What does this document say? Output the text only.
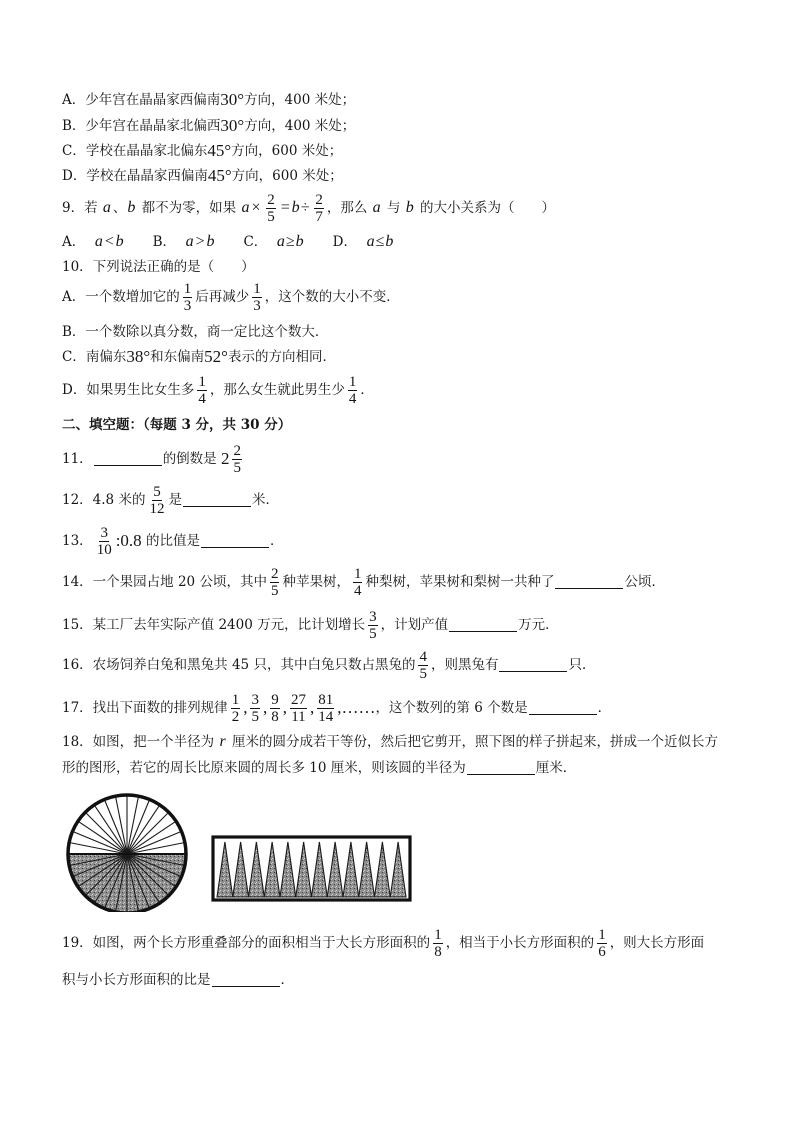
A．少年宫在晶晶家西偏南 30° 方向，400 米处；
B．少年宫在晶晶家北偏西 30° 方向，400 米处；
C．学校在晶晶家北偏东 45° 方向，600 米处；
D．学校在晶晶家西偏南 45° 方向，600 米处；
9．若 a 、 b 都不为零，如果 $a\times \frac{2}{5} =b\div \frac{2}{7}$ ，那么 a 与 b 的大小关系为（　　）
A． a<b 　　B． a>b 　　C． a≥b 　　D． a≤b
10．下列说法正确的是（　　）
A．一个数增加它的 $\frac{1}{3}$ 后再减少 $\frac{1}{3}$ ，这个数的大小不变．
B．一个数除以真分数，商一定比这个数大．
C．南偏东 38° 和东偏南 52° 表示的方向相同．
D．如果男生比女生多 $\frac{1}{4}$ ，那么女生就此男生少 $\frac{1}{4}$ ．
二、填空题：（每题 3 分，共 30 分）
11．	的倒数是 $2 \frac{2}{5}$
12．4.8 米的 $\frac{5}{12}$ 是	米．
13． $\frac{3}{10}$ :0.8 的比值是	．
14．一个果园占地 20 公顷，其中 $\frac{2}{5}$ 种苹果树， $\frac{1}{4}$ 种梨树，苹果树和梨树一共种了	公顷．
15．某工厂去年实际产值 2400 万元，比计划增长 $\frac{3}{5}$ ，计划产值	万元．
16．农场饲养白兔和黑兔共 45 只，其中白兔只数占黑兔的 $\frac{4}{5}$ ，则黑兔有	只．
17．找出下面数的排列规律 $\frac{1}{2}$ , $\frac{3}{5}$ , $\frac{9}{8}$ , $\frac{27}{11}$ , $\frac{81}{14}$ ,…… ，这个数列的第 6 个数是	．
18．如图，把一个半径为 r 厘米的圆分成若干等份，然后把它剪开，照下图的样子拼起来，拼成一个近似长方
形的图形，若它的周长比原来圆的周长多 10 厘米，则该圆的半径为	厘米．
19．如图，两个长方形重叠部分的面积相当于大长方形面积的 $\frac{1}{8}$ ，相当于小长方形面积的 $\frac{1}{6}$ ，则大长方形面
积与小长方形面积的比是	．
